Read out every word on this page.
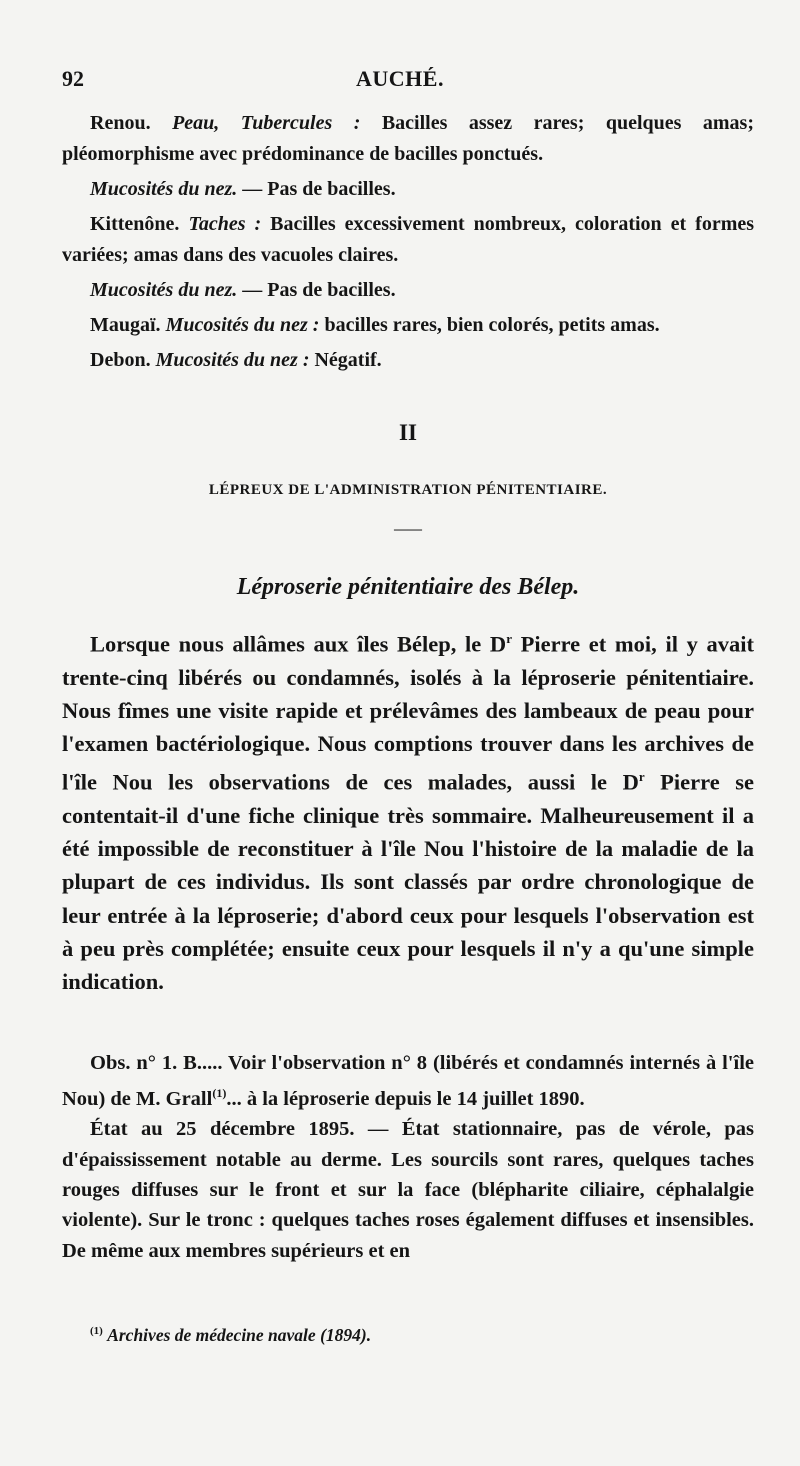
92	AUCHÉ.

Renou. Peau, Tubercules : Bacilles assez rares; quelques amas; pléomorphisme avec prédominance de bacilles ponctués.

Mucosités du nez. — Pas de bacilles.

Kittenône. Taches : Bacilles excessivement nombreux, coloration et formes variées; amas dans des vacuoles claires.

Mucosités du nez. — Pas de bacilles.

Maugaï. Mucosités du nez : bacilles rares, bien colorés, petits amas.

Debon. Mucosités du nez : Négatif.

II
LÉPREUX DE L'ADMINISTRATION PÉNITENTIAIRE.
——
Léproserie pénitentiaire des Bélep.

Lorsque nous allâmes aux îles Bélep, le $D^r$ Pierre et moi, il y avait trente-cinq libérés ou condamnés, isolés à la léproserie pénitentiaire. Nous fîmes une visite rapide et prélevâmes des lambeaux de peau pour l'examen bactériologique. Nous comptions trouver dans les archives de l'île Nou les observations de ces malades, aussi le $D^r$ Pierre se contentait-il d'une fiche clinique très sommaire. Malheureusement il a été impossible de reconstituer à l'île Nou l'histoire de la maladie de la plupart de ces individus. Ils sont classés par ordre chronologique de leur entrée à la léproserie; d'abord ceux pour lesquels l'observation est à peu près complétée; ensuite ceux pour lesquels il n'y a qu'une simple indication.

Obs. n° 1. B..... Voir l'observation n° 8 (libérés et condamnés internés à l'île Nou) de M. Grall$^{(1)}$... à la léproserie depuis le 14 juillet 1890.

État au 25 décembre 1895. — État stationnaire, pas de vérole, pas d'épaississement notable au derme. Les sourcils sont rares, quelques taches rouges diffuses sur le front et sur la face (blépharite ciliaire, céphalalgie violente). Sur le tronc : quelques taches roses également diffuses et insensibles. De même aux membres supérieurs et en

$^{(1)}$ Archives de médecine navale (1894).
